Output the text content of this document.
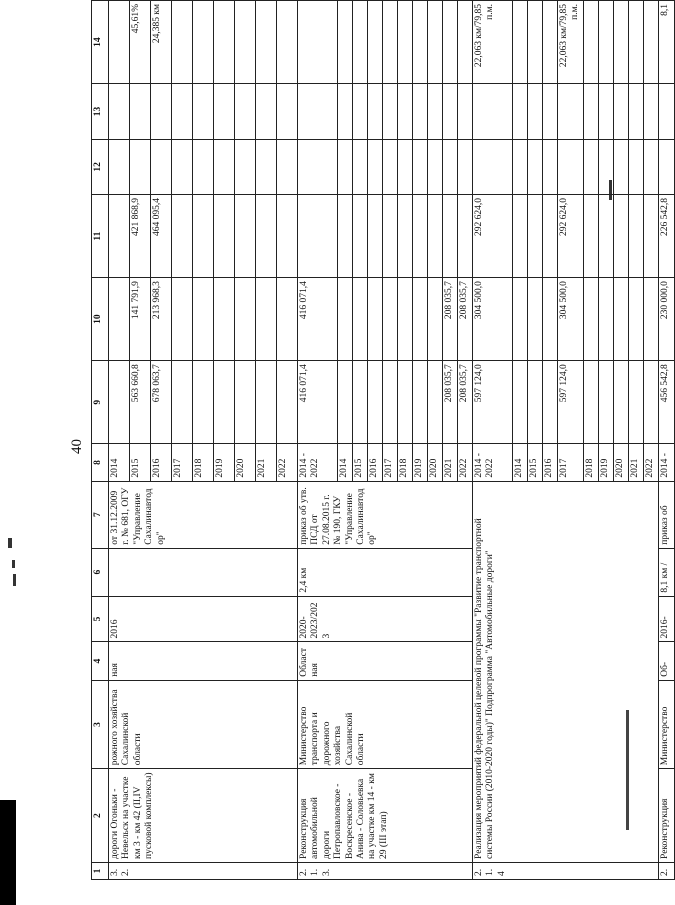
40
1	2	3	4	5	6	7	8	9	10	11	12	13	14

3. 2.	дороги Огоньки - Невельск на участке км 3 - км 42 (II,IV пусковой комплексы)	рожного хозяйства Сахалинской области	ная	2016		от 31.12.2009 г. № 681, ОГУ "Управление Сахалинавтодор"	2014						
							2015	563 660,8	141 791,9	421 868,9			45,61%
							2016	678 063,7	213 968,3	464 095,4			24,385 км
							2017						
							2018						
							2019						
							2020						
							2021						
							2022						

2. 1. 3.	Реконструкция автомобильной дороги Петропавловское - Воскресенское - Анива - Соловьевка на участке км 14 - км 29 (III этап)	Министерство транспорта и дорожного хозяйства Сахалинской области	Областная	2020-2023/2023	2,4 км	приказ об утв. ПСД от 27.08.2015 г. № 190, ГКУ "Управление Сахалинавтодор"	2014 - 2022	416 071,4	416 071,4				
							2014						
							2015						
							2016						
							2017						
							2018						
							2019						
							2020						
							2021	208 035,7	208 035,7				
							2022	208 035,7	208 035,7				

2. 1. 4	Реализация мероприятий федеральной целевой программы "Развитие транспортной системы России (2010-2020 годы)" Подпрограмма "Автомобильные дороги"						2014 - 2022	597 124,0	304 500,0	292 624,0			22,063 км/79,85 п.м.
							2014						
							2015						
							2016						
							2017	597 124,0	304 500,0	292 624,0			22,063 км/79,85 п.м.
							2018						
							2019						
							2020						
							2021						
							2022						
2.	Реконструкция	Министерство	Об-	2016-	8,1 км /	приказ об	2014 -	456 542,8	230 000,0	226 542,8			8,1
